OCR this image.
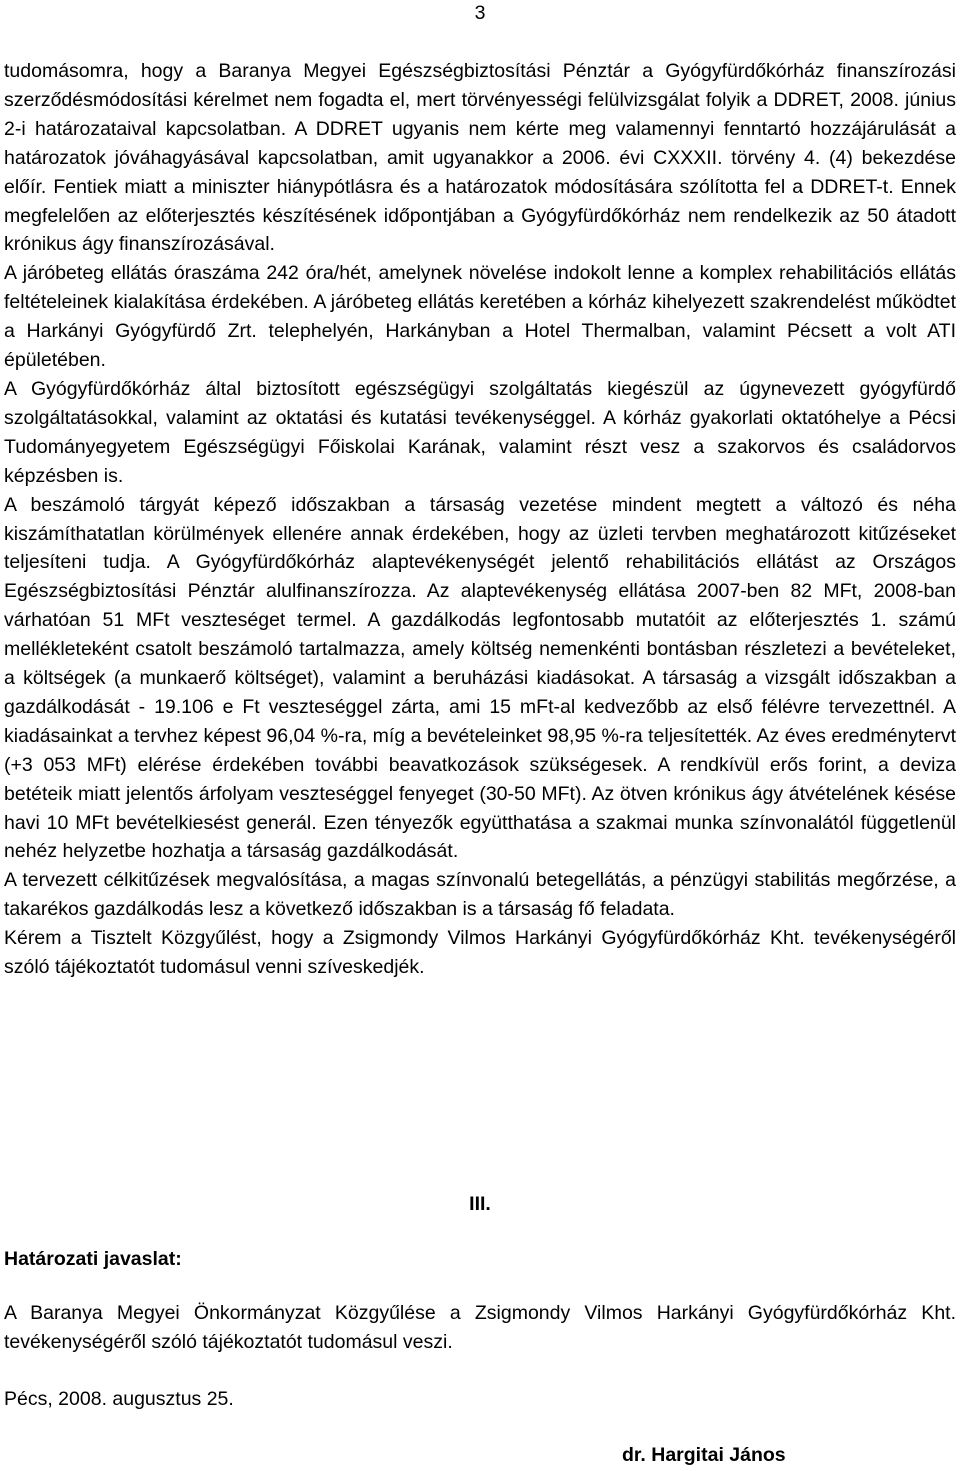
3

tudomásomra, hogy a Baranya Megyei Egészségbiztosítási Pénztár a Gyógyfürdőkórház finanszírozási szerződésmódosítási kérelmet nem fogadta el, mert törvényességi felülvizsgálat folyik a DDRET, 2008. június 2-i határozataival kapcsolatban. A DDRET ugyanis nem kérte meg valamennyi fenntartó hozzájárulását a határozatok jóváhagyásával kapcsolatban, amit ugyanakkor a 2006. évi CXXXII. törvény 4. (4) bekezdése előír. Fentiek miatt a miniszter hiánypótlásra és a határozatok módosítására szólította fel a DDRET-t. Ennek megfelelően az előterjesztés készítésének időpontjában a Gyógyfürdőkórház nem rendelkezik az 50 átadott krónikus ágy finanszírozásával.

A járóbeteg ellátás óraszáma 242 óra/hét, amelynek növelése indokolt lenne a komplex rehabilitációs ellátás feltételeinek kialakítása érdekében. A járóbeteg ellátás keretében a kórház kihelyezett szakrendelést működtet a Harkányi Gyógyfürdő Zrt. telephelyén, Harkányban a Hotel Thermalban, valamint Pécsett a volt ATI épületében.

A Gyógyfürdőkórház által biztosított egészségügyi szolgáltatás kiegészül az úgynevezett gyógyfürdő szolgáltatásokkal, valamint az oktatási és kutatási tevékenységgel. A kórház gyakorlati oktatóhelye a Pécsi Tudományegyetem Egészségügyi Főiskolai Karának, valamint részt vesz a szakorvos és családorvos képzésben is.

A beszámoló tárgyát képező időszakban a társaság vezetése mindent megtett a változó és néha kiszámíthatatlan körülmények ellenére annak érdekében, hogy az üzleti tervben meghatározott kitűzéseket teljesíteni tudja. A Gyógyfürdőkórház alaptevékenységét jelentő rehabilitációs ellátást az Országos Egészségbiztosítási Pénztár alulfinanszírozza. Az alaptevékenység ellátása 2007-ben 82 MFt, 2008-ban várhatóan 51 MFt veszteséget termel. A gazdálkodás legfontosabb mutatóit az előterjesztés 1. számú mellékleteként csatolt beszámoló tartalmazza, amely költség nemenkénti bontásban részletezi a bevételeket, a költségek (a munkaerő költséget), valamint a beruházási kiadásokat. A társaság a vizsgált időszakban a gazdálkodását - 19.106 e Ft veszteséggel zárta, ami 15 mFt-al kedvezőbb az első félévre tervezettnél. A kiadásainkat a tervhez képest 96,04 %-ra, míg a bevételeinket 98,95 %-ra teljesítették. Az éves eredménytervt (+3 053 MFt) elérése érdekében további beavatkozások szükségesek. A rendkívül erős forint, a deviza betéteik miatt jelentős árfolyam veszteséggel fenyeget (30-50 MFt). Az ötven krónikus ágy átvételének késése havi 10 MFt bevételkiesést generál. Ezen tényezők együtthatása a szakmai munka színvonalától függetlenül nehéz helyzetbe hozhatja a társaság gazdálkodását.

A tervezett célkitűzések megvalósítása, a magas színvonalú betegellátás, a pénzügyi stabilitás megőrzése, a takarékos gazdálkodás lesz a következő időszakban is a társaság fő feladata.

Kérem a Tisztelt Közgyűlést, hogy a Zsigmondy Vilmos Harkányi Gyógyfürdőkórház Kht. tevékenységéről szóló tájékoztatót tudomásul venni szíveskedjék.

III.
Határozati javaslat:

A Baranya Megyei Önkormányzat Közgyűlése a Zsigmondy Vilmos Harkányi Gyógyfürdőkórház Kht. tevékenységéről szóló tájékoztatót tudomásul veszi.

Pécs, 2008. augusztus 25.
dr. Hargitai János
